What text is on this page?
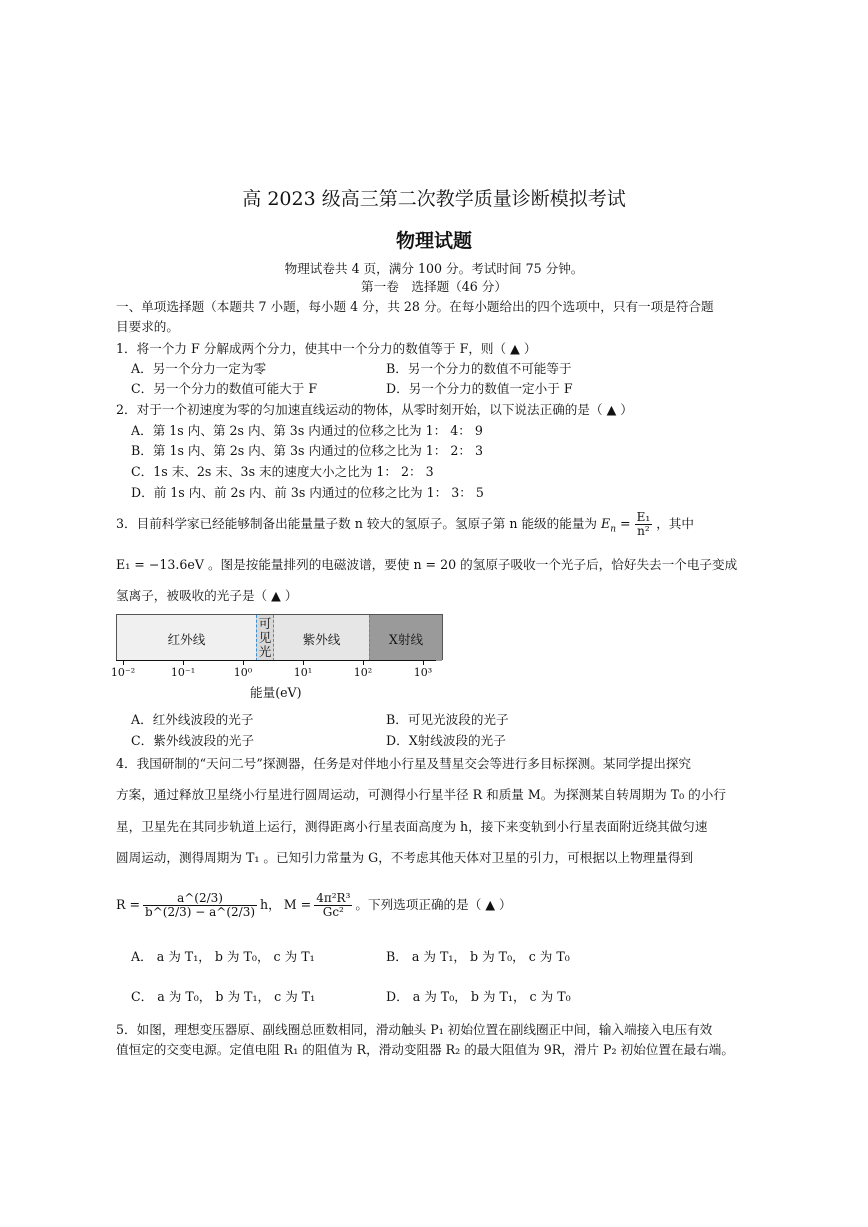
高 2023 级高三第二次教学质量诊断模拟考试
物理试题
物理试卷共 4 页，满分 100 分。考试时间 75 分钟。
第一卷　选择题（46 分）
一、单项选择题（本题共 7 小题，每小题 4 分，共 28 分。在每小题给出的四个选项中，只有一项是符合题
目要求的。
1．将一个力 F 分解成两个分力，使其中一个分力的数值等于 F，则（ ▲ ）
A．另一个分力一定为零	B．另一个分力的数值不可能等于
C．另一个分力的数值可能大于 F	D．另一个分力的数值一定小于 F
2．对于一个初速度为零的匀加速直线运动的物体，从零时刻开始，以下说法正确的是（ ▲ ）
A．第 1s 内、第 2s 内、第 3s 内通过的位移之比为 1： 4： 9
B．第 1s 内、第 2s 内、第 3s 内通过的位移之比为 1： 2： 3
C．1s 末、2s 末、3s 末的速度大小之比为 1： 2： 3
D．前 1s 内、前 2s 内、前 3s 内通过的位移之比为 1： 3： 5
3．目前科学家已经能够制备出能量量子数 n 较大的氢原子。氢原子第 n 能级的能量为 $E_n = \frac{\text{E₁}}{\text{n²}}$ ，其中
E₁ = −13.6eV 。图是按能量排列的电磁波谱，要使 n = 20 的氢原子吸收一个光子后，恰好失去一个电子变成
氢离子，被吸收的光子是（ ▲ ）
红外线
可见光
紫外线	X射线
10⁻²	10⁻¹	10⁰	10¹	10²	10³
能量(eV)
A．红外线波段的光子	B．可见光波段的光子
C．紫外线波段的光子	D．X射线波段的光子
4．我国研制的“天问二号”探测器，任务是对伴地小行星及彗星交会等进行多目标探测。某同学提出探究
方案，通过释放卫星绕小行星进行圆周运动，可测得小行星半径 R 和质量 M。为探测某自转周期为 T₀ 的小行
星，卫星先在其同步轨道上运行，测得距离小行星表面高度为 h，接下来变轨到小行星表面附近绕其做匀速
圆周运动，测得周期为 T₁ 。已知引力常量为 G，不考虑其他天体对卫星的引力，可根据以上物理量得到
$R = \frac{a\^{}(2/3)}{b\^{}(2/3) - a\^{}(2/3)}$ h， $M = \frac{\text{4π²R³}}{\text{Gc²}}$ 。下列选项正确的是（ ▲ ）
A． a 为 T₁， b 为 T₀， c 为 T₁	B． a 为 T₁， b 为 T₀， c 为 T₀
C． a 为 T₀， b 为 T₁， c 为 T₁	D． a 为 T₀， b 为 T₁， c 为 T₀
5．如图，理想变压器原、副线圈总匝数相同，滑动触头 P₁ 初始位置在副线圈正中间，输入端接入电压有效
值恒定的交变电源。定值电阻 R₁ 的阻值为 R，滑动变阻器 R₂ 的最大阻值为 9R，滑片 P₂ 初始位置在最右端。
